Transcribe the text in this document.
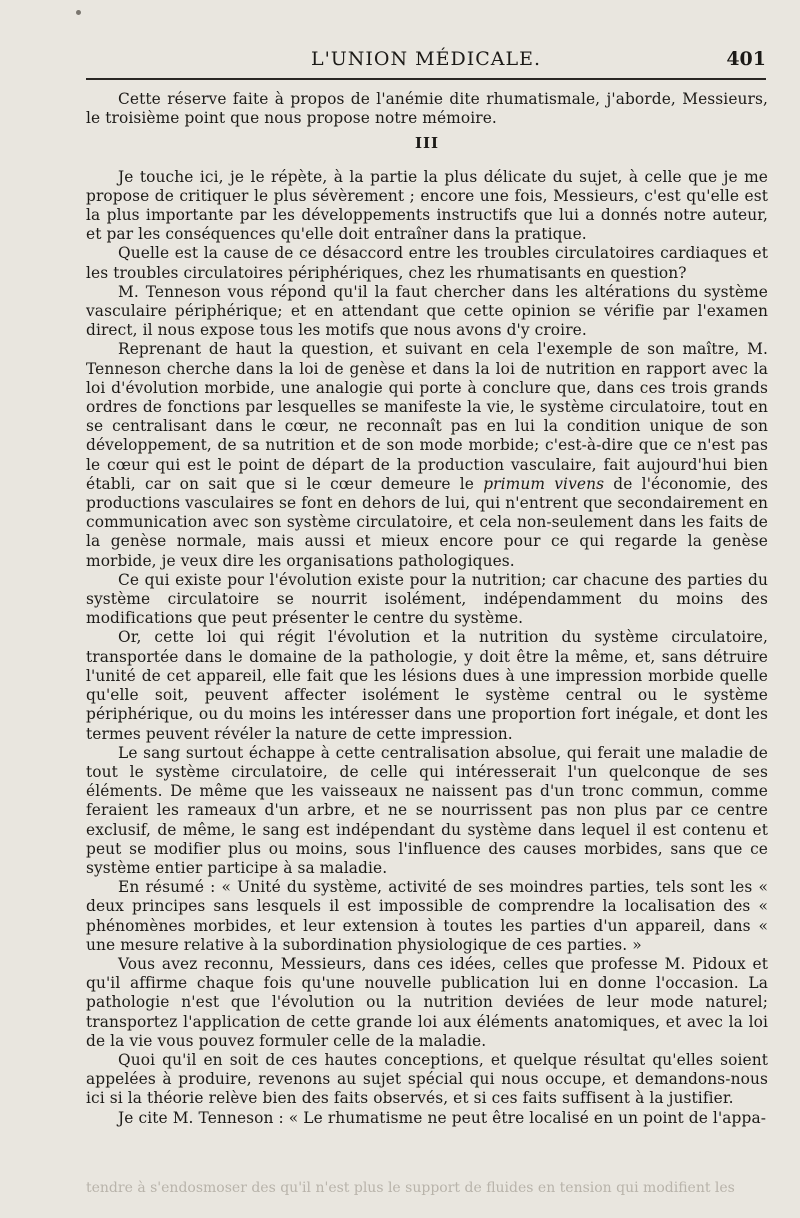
L'UNION MÉDICALE.	401

Cette réserve faite à propos de l'anémie dite rhumatismale, j'aborde, Messieurs, le troisième point que nous propose notre mémoire.

III

Je touche ici, je le répète, à la partie la plus délicate du sujet, à celle que je me propose de critiquer le plus sévèrement ; encore une fois, Messieurs, c'est qu'elle est la plus importante par les développements instructifs que lui a donnés notre auteur, et par les conséquences qu'elle doit entraîner dans la pratique.

Quelle est la cause de ce désaccord entre les troubles circulatoires cardiaques et les troubles circulatoires périphériques, chez les rhumatisants en question?

M. Tenneson vous répond qu'il la faut chercher dans les altérations du système vasculaire périphérique; et en attendant que cette opinion se vérifie par l'examen direct, il nous expose tous les motifs que nous avons d'y croire.

Reprenant de haut la question, et suivant en cela l'exemple de son maître, M. Tenneson cherche dans la loi de genèse et dans la loi de nutrition en rapport avec la loi d'évolution morbide, une analogie qui porte à conclure que, dans ces trois grands ordres de fonctions par lesquelles se manifeste la vie, le système circulatoire, tout en se centralisant dans le cœur, ne reconnaît pas en lui la condition unique de son développement, de sa nutrition et de son mode morbide; c'est-à-dire que ce n'est pas le cœur qui est le point de départ de la production vasculaire, fait aujourd'hui bien établi, car on sait que si le cœur demeure le primum vivens de l'économie, des productions vasculaires se font en dehors de lui, qui n'entrent que secondairement en communication avec son système circulatoire, et cela non-seulement dans les faits de la genèse normale, mais aussi et mieux encore pour ce qui regarde la genèse morbide, je veux dire les organisations pathologiques.

Ce qui existe pour l'évolution existe pour la nutrition; car chacune des parties du système circulatoire se nourrit isolément, indépendamment du moins des modifications que peut présenter le centre du système.

Or, cette loi qui régit l'évolution et la nutrition du système circulatoire, transportée dans le domaine de la pathologie, y doit être la même, et, sans détruire l'unité de cet appareil, elle fait que les lésions dues à une impression morbide quelle qu'elle soit, peuvent affecter isolément le système central ou le système périphérique, ou du moins les intéresser dans une proportion fort inégale, et dont les termes peuvent révéler la nature de cette impression.

Le sang surtout échappe à cette centralisation absolue, qui ferait une maladie de tout le système circulatoire, de celle qui intéresserait l'un quelconque de ses éléments. De même que les vaisseaux ne naissent pas d'un tronc commun, comme feraient les rameaux d'un arbre, et ne se nourrissent pas non plus par ce centre exclusif, de même, le sang est indépendant du système dans lequel il est contenu et peut se modifier plus ou moins, sous l'influence des causes morbides, sans que ce système entier participe à sa maladie.

En résumé : « Unité du système, activité de ses moindres parties, tels sont les « deux principes sans lesquels il est impossible de comprendre la localisation des « phénomènes morbides, et leur extension à toutes les parties d'un appareil, dans « une mesure relative à la subordination physiologique de ces parties. »

Vous avez reconnu, Messieurs, dans ces idées, celles que professe M. Pidoux et qu'il affirme chaque fois qu'une nouvelle publication lui en donne l'occasion. La pathologie n'est que l'évolution ou la nutrition deviées de leur mode naturel; transportez l'application de cette grande loi aux éléments anatomiques, et avec la loi de la vie vous pouvez formuler celle de la maladie.

Quoi qu'il en soit de ces hautes conceptions, et quelque résultat qu'elles soient appelées à produire, revenons au sujet spécial qui nous occupe, et demandons-nous ici si la théorie relève bien des faits observés, et si ces faits suffisent à la justifier.

Je cite M. Tenneson : « Le rhumatisme ne peut être localisé en un point de l'appa-

tendre à s'endosmoser des qu'il n'est plus le support de fluides en tension qui modifient les
